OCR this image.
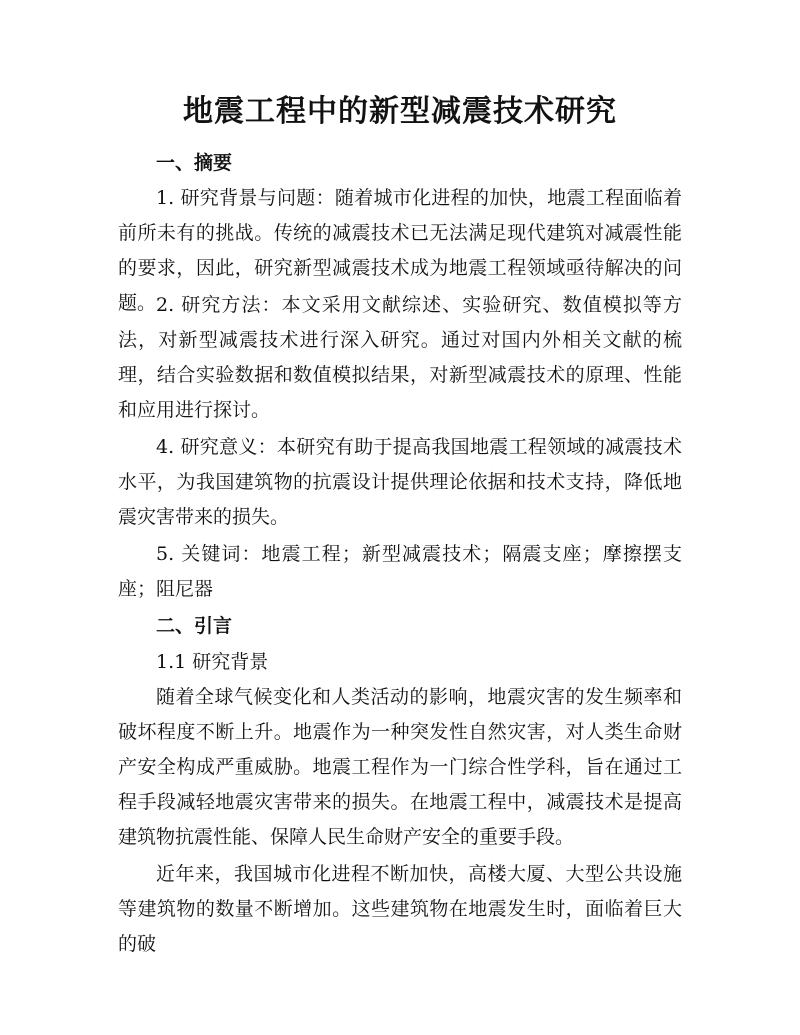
地震工程中的新型减震技术研究

一、摘要

1. 研究背景与问题：随着城市化进程的加快，地震工程面临着前所未有的挑战。传统的减震技术已无法满足现代建筑对减震性能的要求，因此，研究新型减震技术成为地震工程领域亟待解决的问题。 2. 研究方法：本文采用文献综述、实验研究、数值模拟等方法，对新型减震技术进行深入研究。通过对国内外相关文献的梳理，结合实验数据和数值模拟结果，对新型减震技术的原理、性能和应用进行探讨。

4. 研究意义：本研究有助于提高我国地震工程领域的减震技术水平，为我国建筑物的抗震设计提供理论依据和技术支持，降低地震灾害带来的损失。

5. 关键词：地震工程；新型减震技术；隔震支座；摩擦摆支座；阻尼器

二、引言

1.1 研究背景

随着全球气候变化和人类活动的影响，地震灾害的发生频率和破坏程度不断上升。地震作为一种突发性自然灾害，对人类生命财产安全构成严重威胁。地震工程作为一门综合性学科，旨在通过工程手段减轻地震灾害带来的损失。在地震工程中，减震技术是提高建筑物抗震性能、保障人民生命财产安全的重要手段。

近年来，我国城市化进程不断加快，高楼大厦、大型公共设施等建筑物的数量不断增加。这些建筑物在地震发生时，面临着巨大的破
